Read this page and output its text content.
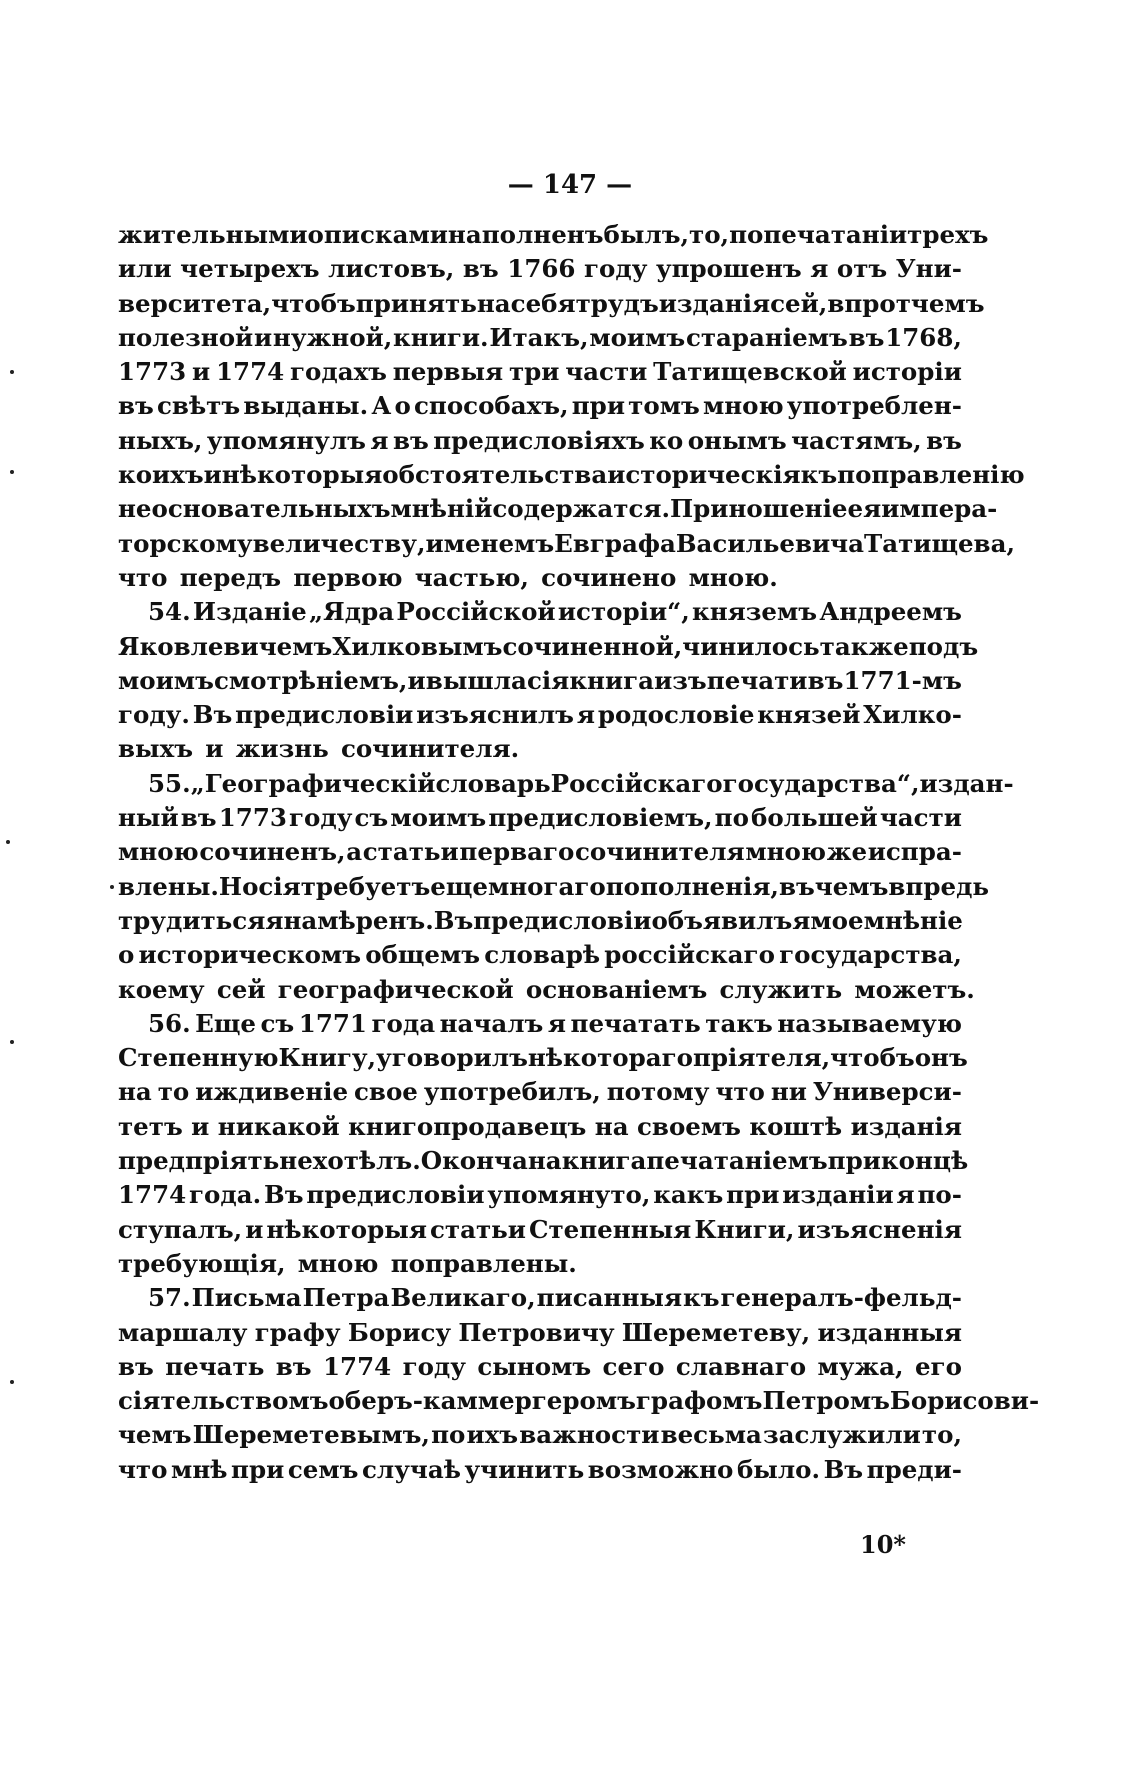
— 147 —
жительными описками наполненъ былъ, то, по печатаніи трехъ
или четырехъ листовъ, въ 1766 году упрошенъ я отъ Уни-
верситета, чтобъ принять на себя трудъ изданія сей, впротчемъ
полезной и нужной, книги. Итакъ, моимъ стараніемъ въ 1768,
1773 и 1774 годахъ первыя три части Татищевской исторіи
въ свѣтъ выданы. А о способахъ, при томъ мною употреблен-
ныхъ, упомянулъ я въ предисловіяхъ ко онымъ частямъ, въ
коихъ и нѣкоторыя обстоятельства историческія къ поправленію
неосновательныхъ мнѣній содержатся. Приношеніе ея импера-
торскому величеству, именемъ Евграфа Васильевича Татищева,
что передъ первою частью, сочинено мною.
54. Изданіе „Ядра Россійской исторіи“, княземъ Андреемъ
Яковлевичемъ Хилковымъ сочиненной, чинилось также подъ
моимъ смотрѣніемъ, и вышла сія книга изъ печати въ 1771-мъ
году. Въ предисловіи изъяснилъ я родословіе князей Хилко-
выхъ и жизнь сочинителя.
55. „Географическій словарь Россійскаго государства“, издан-
ный въ 1773 году съ моимъ предисловіемъ, по большей части
мною сочиненъ, а статьи перваго сочинителя мною же испра-
влены. Но сія требуетъ еще многаго пополненія, въ чемъ впредь
трудиться я намѣренъ. Въ предисловіи объявилъ я мое мнѣніе
о историческомъ общемъ словарѣ россійскаго государства,
коему сей географической основаніемъ служить можетъ.
56. Еще съ 1771 года началъ я печатать такъ называемую
Степенную Книгу, уговорилъ нѣкотораго пріятеля, чтобъ онъ
на то иждивеніе свое употребилъ, потому что ни Универси-
тетъ и никакой книгопродавецъ на своемъ коштѣ изданія
предпріять не хотѣлъ. Окончана книга печатаніемъ при концѣ
1774 года. Въ предисловіи упомянуто, какъ при изданіи я по-
ступалъ, и нѣкоторыя статьи Степенныя Книги, изъясненія
требующія, мною поправлены.
57. Письма Петра Великаго, писанныя къ генералъ-фельд-
маршалу графу Борису Петровичу Шереметеву, изданныя
въ печать въ 1774 году сыномъ сего славнаго мужа, его
сіятельствомъ оберъ-каммергеромъ графомъ Петромъ Борисови-
чемъ Шереметевымъ, по ихъ важности весьма заслужили то,
что мнѣ при семъ случаѣ учинить возможно было. Въ преди-
10*
